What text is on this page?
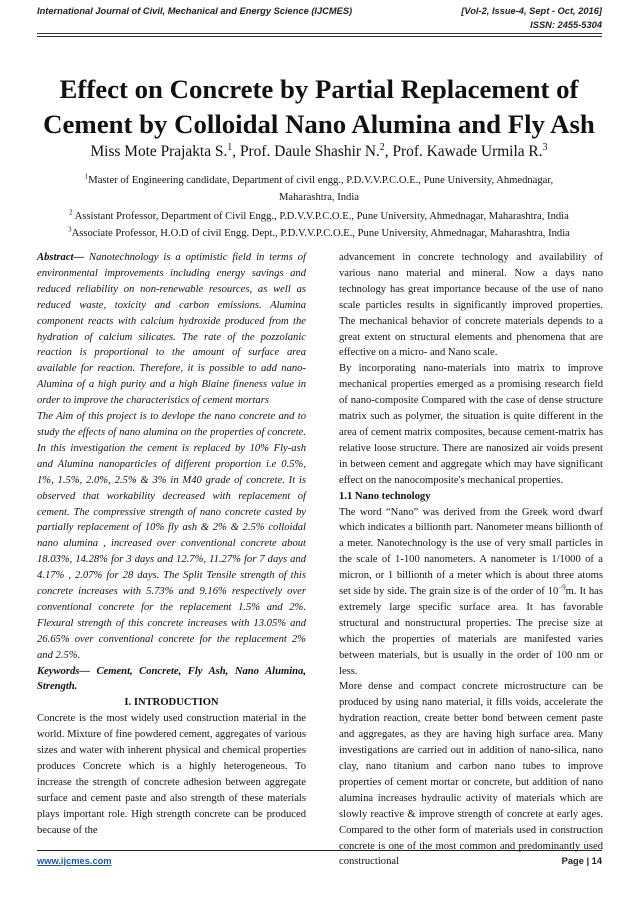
International Journal of Civil, Mechanical and Energy Science (IJCMES)	[Vol-2, Issue-4, Sept - Oct, 2016]
ISSN: 2455-5304
Effect on Concrete by Partial Replacement of
Cement by Colloidal Nano Alumina and Fly Ash
Miss Mote Prajakta S.$^1$, Prof. Daule Shashir N.$^2$, Prof. Kawade Urmila R.$^3$
$^1$Master of Engineering candidate, Department of civil engg., P.D.V.V.P.C.O.E., Pune University, Ahmednagar,
Maharashtra, India
$^2$ Assistant Professor, Department of Civil Engg., P.D.V.V.P.C.O.E., Pune University, Ahmednagar, Maharashtra, India
$^3$Associate Professor, H.O.D of civil Engg. Dept., P.D.V.V.P.C.O.E., Pune University, Ahmednagar, Maharashtra, India

Abstract— Nanotechnology is a optimistic field in terms of environmental improvements including energy savings and reduced reliability on non-renewable resources, as well as reduced waste, toxicity and carbon emissions. Alumina component reacts with calcium hydroxide produced from the hydration of calcium silicates. The rate of the pozzolanic reaction is proportional to the amount of surface area available for reaction. Therefore, it is possible to add nano- Alumina of a high purity and a high Blaine fineness value in order to improve the characteristics of cement mortars

The Aim of this project is to devlope the nano concrete and to study the effects of nano alumina on the properties of concrete. In this investigation the cement is replaced by 10% Fly-ash and Alumina nanoparticles of different proportion i.e 0.5%, 1%, 1.5%, 2.0%, 2.5% & 3% in M40 grade of concrete. It is observed that workability decreased with replacement of cement. The compressive strength of nano concrete casted by partially replacement of 10% fly ash & 2% & 2.5% colloidal nano alumina , increased over conventional concrete about 18.03%, 14.28% for 3 days and 12.7%, 11.27% for 7 days and 4.17% , 2.07% for 28 days. The Split Tensile strength of this concrete increases with 5.73% and 9.16% respectively over conventional concrete for the replacement 1.5% and 2%. Flexural strength of this concrete increases with 13.05% and 26.65% over conventional concrete for the replacement 2% and 2.5%.

Keywords— Cement, Concrete, Fly Ash, Nano Alumina, Strength.

I. INTRODUCTION

Concrete is the most widely used construction material in the world. Mixture of fine powdered cement, aggregates of various sizes and water with inherent physical and chemical properties produces Concrete which is a highly heterogeneous. To increase the strength of concrete adhesion between aggregate surface and cement paste and also strength of these materials plays important role. High strength concrete can be produced because of the

advancement in concrete technology and availability of various nano material and mineral. Now a days nano technology has great importance because of the use of nano scale particles results in significantly improved properties. The mechanical behavior of concrete materials depends to a great extent on structural elements and phenomena that are effective on a micro- and Nano scale.

By incorporating nano-materials into matrix to improve mechanical properties emerged as a promising research field of nano-composite Compared with the case of dense structure matrix such as polymer, the situation is quite different in the area of cement matrix composites, because cement-matrix has relative loose structure. There are nanosized air voids present in between cement and aggregate which may have significant effect on the nanocomposite's mechanical properties.

1.1 Nano technology

The word “Nano” was derived from the Greek word dwarf which indicates a billionth part. Nanometer means billionth of a meter. Nanotechnology is the use of very small particles in the scale of 1-100 nanometers. A nanometer is 1/1000 of a micron, or 1 billionth of a meter which is about three atoms set side by side. The grain size is of the order of $10^{-9}m$. It has extremely large specific surface area. It has favorable structural and nonstructural properties. The precise size at which the properties of materials are manifested varies between materials, but is usually in the order of 100 nm or less.

More dense and compact concrete microstructure can be produced by using nano material, it fills voids, accelerate the hydration reaction, create better bond between cement paste and aggregates, as they are having high surface area. Many investigations are carried out in addition of nano-silica, nano clay, nano titanium and carbon nano tubes to improve properties of cement mortar or concrete, but addition of nano alumina increases hydraulic activity of materials which are slowly reactive & improve strength of concrete at early ages. Compared to the other form of materials used in construction concrete is one of the most common and predominantly used constructional

www.ijcmes.com	Page | 14
